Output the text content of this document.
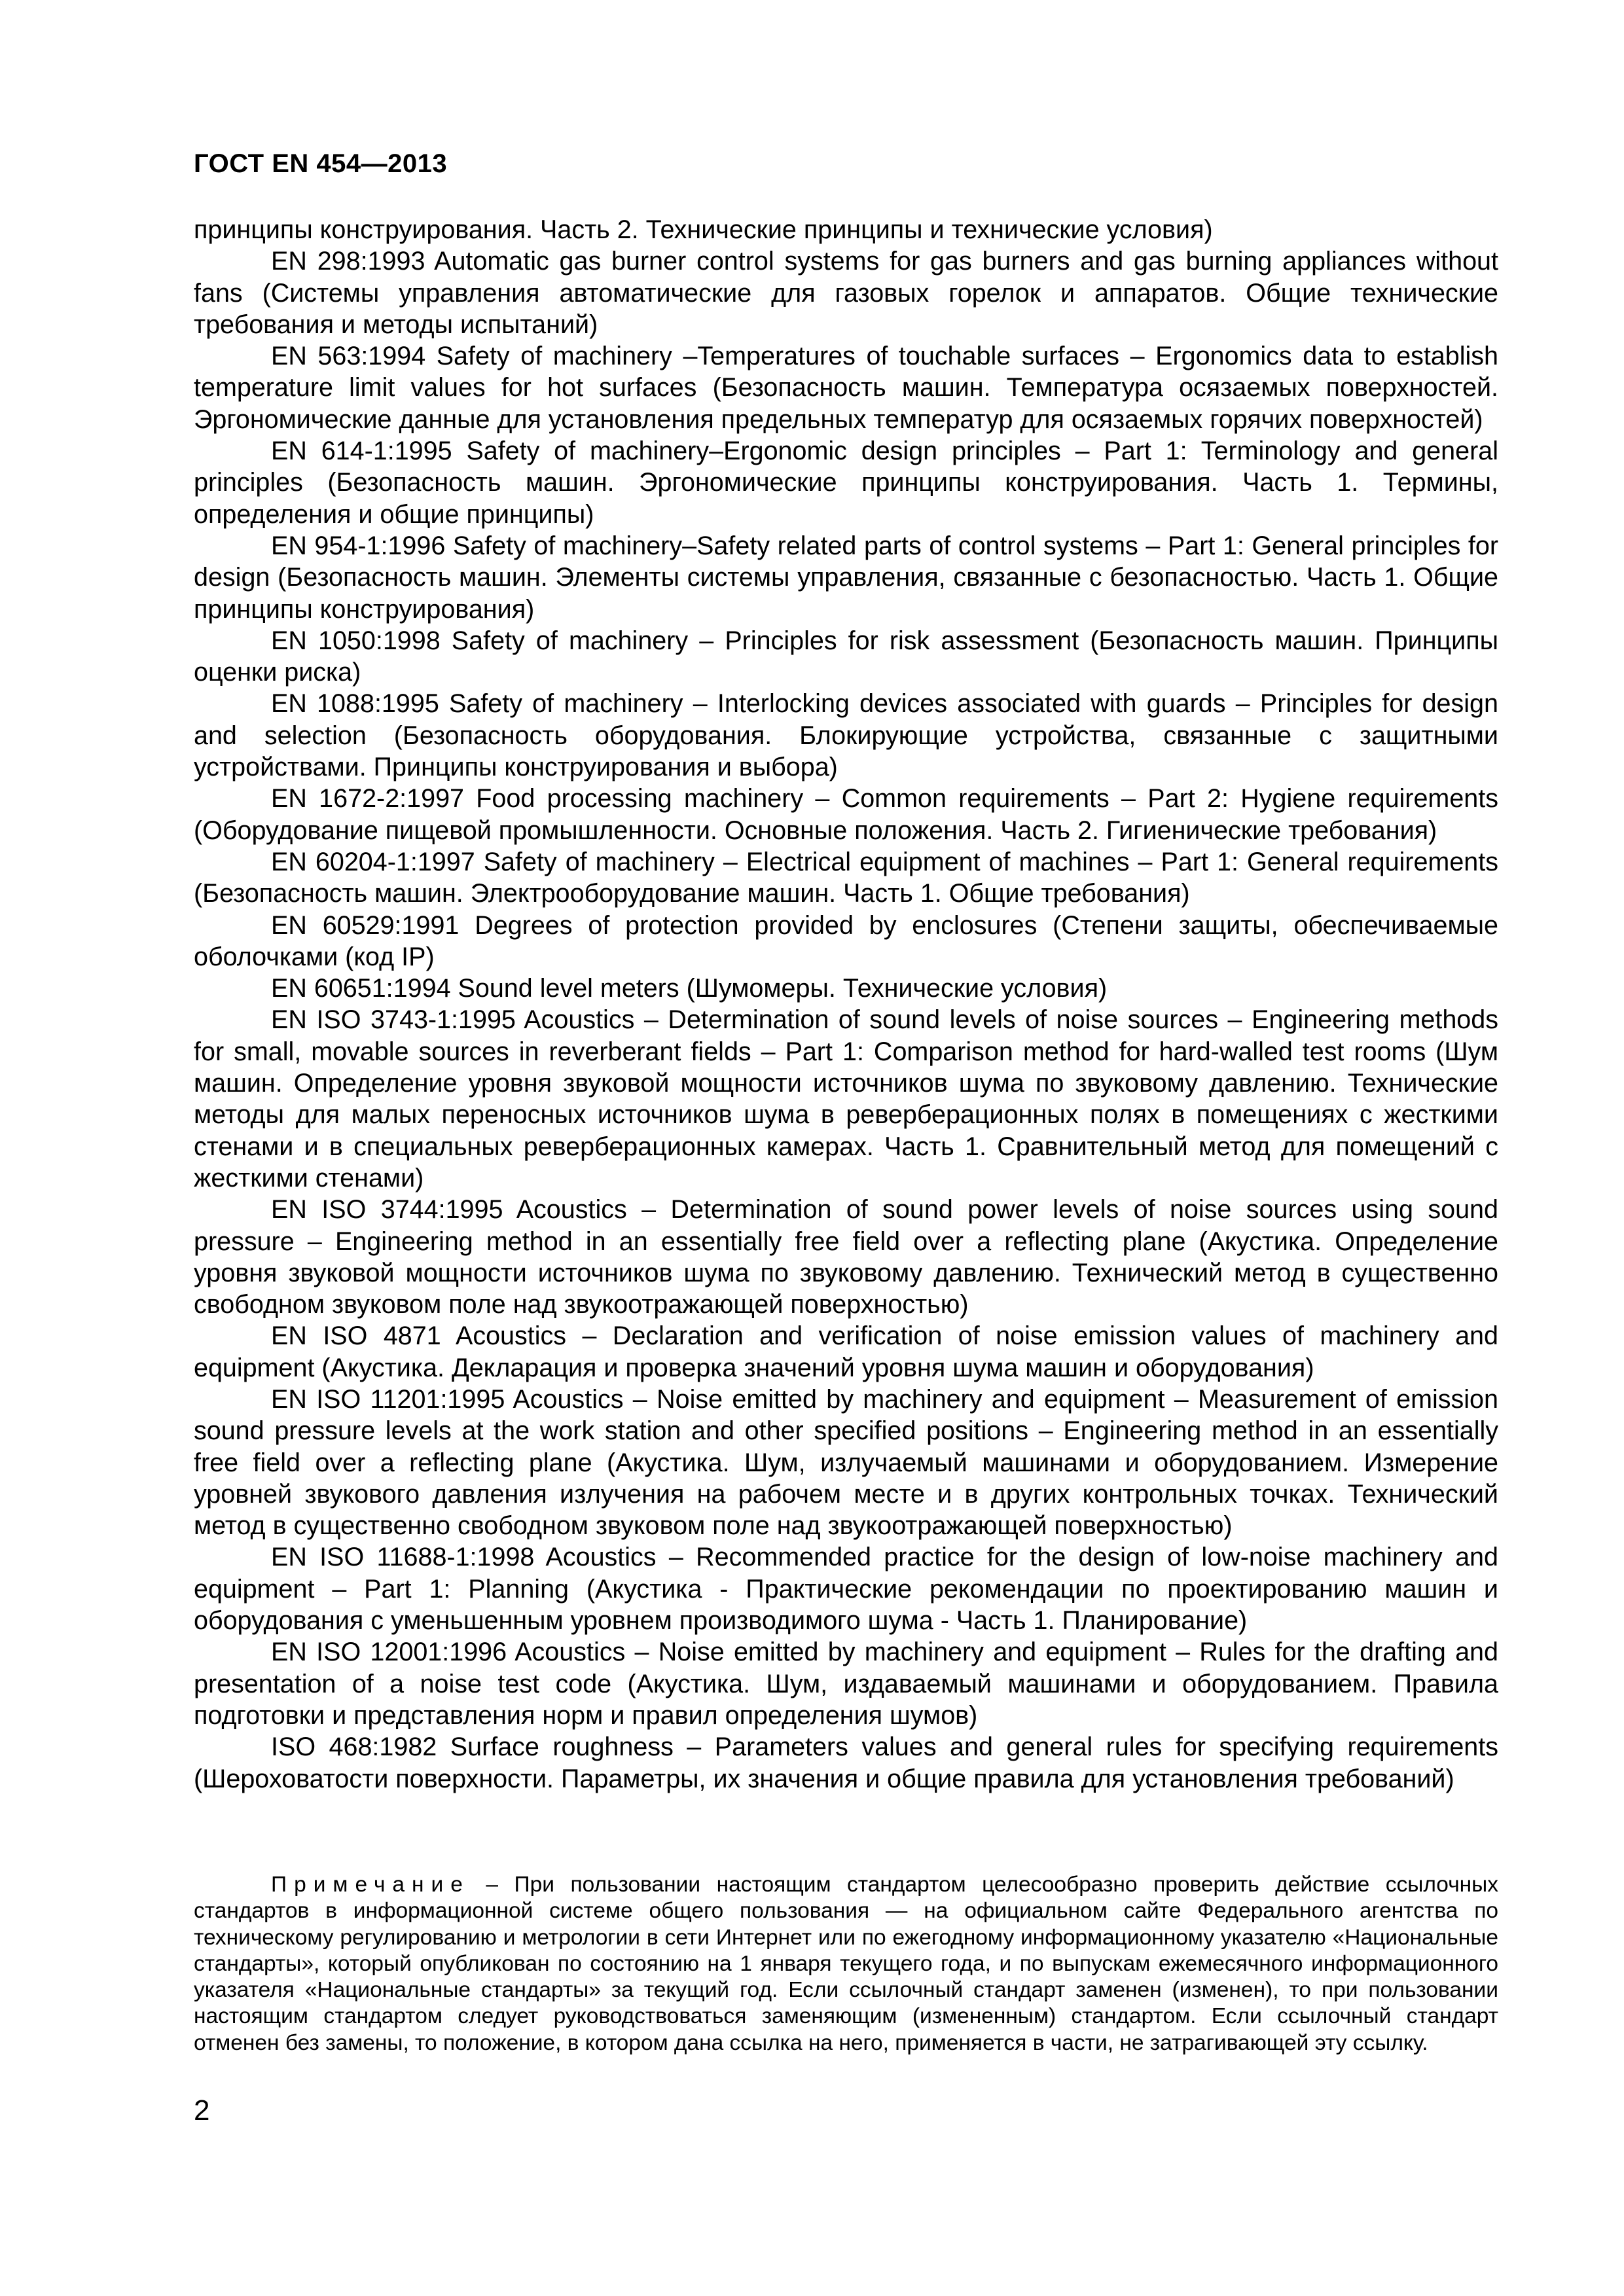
ГОСТ EN 454—2013

принципы конструирования. Часть 2. Технические принципы и технические условия)

EN 298:1993 Automatic gas burner control systems for gas burners and gas burning appliances without fans (Системы управления автоматические для газовых горелок и аппаратов. Общие технические требования и методы испытаний)

EN 563:1994 Safety of machinery –Temperatures of touchable surfaces – Ergonomics data to establish temperature limit values for hot surfaces (Безопасность машин. Температура осязаемых поверхностей. Эргономические данные для установления предельных температур для осязаемых горячих поверхностей)

EN 614-1:1995 Safety of machinery–Ergonomic design principles – Part 1: Terminology and general principles (Безопасность машин. Эргономические принципы конструирования. Часть 1. Термины, определения и общие принципы)

EN 954-1:1996 Safety of machinery–Safety related parts of control systems – Part 1: General principles for design (Безопасность машин. Элементы системы управления, связанные с безопасностью. Часть 1. Общие принципы конструирования)

EN 1050:1998 Safety of machinery – Principles for risk assessment (Безопасность машин. Принципы оценки риска)

EN 1088:1995 Safety of machinery – Interlocking devices associated with guards – Principles for design and selection (Безопасность оборудования. Блокирующие устройства, связанные с защитными устройствами. Принципы конструирования и выбора)

EN 1672-2:1997 Food processing machinery – Common requirements – Part 2: Hygiene requirements (Оборудование пищевой промышленности. Основные положения. Часть 2. Гигиенические требования)

EN 60204-1:1997 Safety of machinery – Electrical equipment of machines – Part 1: General requirements (Безопасность машин. Электрооборудование машин. Часть 1. Общие требования)

EN 60529:1991 Degrees of protection provided by enclosures (Степени защиты, обеспечиваемые оболочками (код IP)

EN 60651:1994 Sound level meters (Шумомеры. Технические условия)

EN ISO 3743-1:1995 Acoustics – Determination of sound levels of noise sources – Engineering methods for small, movable sources in reverberant fields – Part 1: Comparison method for hard-walled test rooms (Шум машин. Определение уровня звуковой мощности источников шума по звуковому давлению. Технические методы для малых переносных источников шума в реверберационных полях в помещениях с жесткими стенами и в специальных реверберационных камерах. Часть 1. Сравнительный метод для помещений с жесткими стенами)

EN ISO 3744:1995 Acoustics – Determination of sound power levels of noise sources using sound pressure – Engineering method in an essentially free field over a reflecting plane (Акустика. Определение уровня звуковой мощности источников шума по звуковому давлению. Технический метод в существенно свободном звуковом поле над звукоотражающей поверхностью)

EN ISO 4871 Acoustics – Declaration and verification of noise emission values of machinery and equipment (Акустика. Декларация и проверка значений уровня шума машин и оборудования)

EN ISO 11201:1995 Acoustics – Noise emitted by machinery and equipment – Measurement of emission sound pressure levels at the work station and other specified positions – Engineering method in an essentially free field over a reflecting plane (Акустика. Шум, излучаемый машинами и оборудованием. Измерение уровней звукового давления излучения на рабочем месте и в других контрольных точках. Технический метод в существенно свободном звуковом поле над звукоотражающей поверхностью)

EN ISO 11688-1:1998 Acoustics – Recommended practice for the design of low-noise machinery and equipment – Part 1: Planning (Акустика - Практические рекомендации по проектированию машин и оборудования с уменьшенным уровнем производимого шума - Часть 1. Планирование)

EN ISO 12001:1996 Acoustics – Noise emitted by machinery and equipment – Rules for the drafting and presentation of a noise test code (Акустика. Шум, издаваемый машинами и оборудованием. Правила подготовки и представления норм и правил определения шумов)

ISO 468:1982 Surface roughness – Parameters values and general rules for specifying requirements (Шероховатости поверхности. Параметры, их значения и общие правила для установления требований)

Примечание – При пользовании настоящим стандартом целесообразно проверить действие ссылочных стандартов в информационной системе общего пользования — на официальном сайте Федерального агентства по техническому регулированию и метрологии в сети Интернет или по ежегодному информационному указателю «Национальные стандарты», который опубликован по состоянию на 1 января текущего года, и по выпускам ежемесячного информационного указателя «Национальные стандарты» за текущий год. Если ссылочный стандарт заменен (изменен), то при пользовании настоящим стандартом следует руководствоваться заменяющим (измененным) стандартом. Если ссылочный стандарт отменен без замены, то положение, в котором дана ссылка на него, применяется в части, не затрагивающей эту ссылку.

2
